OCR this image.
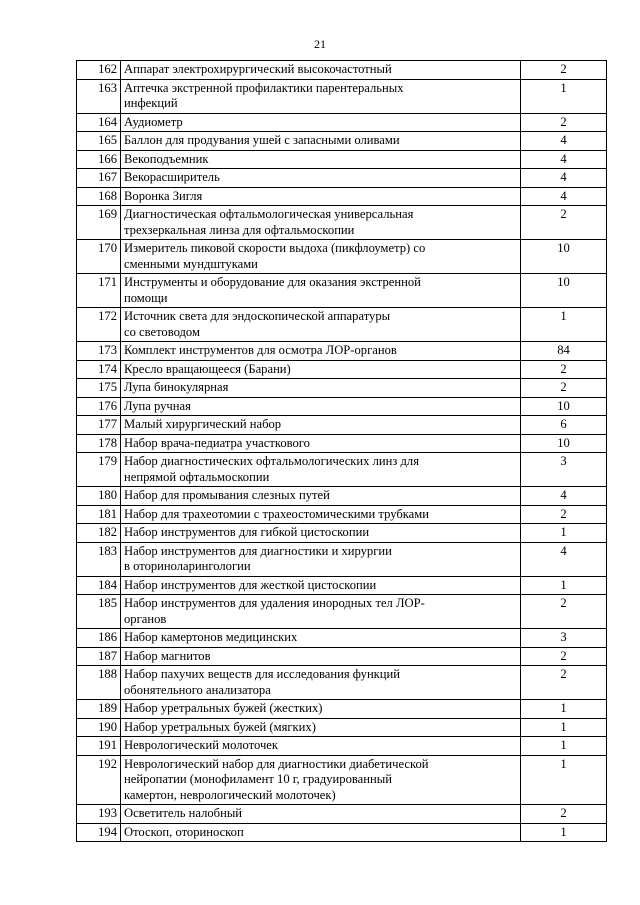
21
162	Аппарат электрохирургический высокочастотный	2
163	Аптечка экстренной профилактики парентеральных
инфекций	1
164	Аудиометр	2
165	Баллон для продувания ушей с запасными оливами	4
166	Векоподъемник	4
167	Векорасширитель	4
168	Воронка Зигля	4
169	Диагностическая офтальмологическая универсальная
трехзеркальная линза для офтальмоскопии	2
170	Измеритель пиковой скорости выдоха (пикфлоуметр) со
сменными мундштуками	10
171	Инструменты и оборудование для оказания экстренной
помощи	10
172	Источник света для эндоскопической аппаратуры
со световодом	1
173	Комплект инструментов для осмотра ЛОР-органов	84
174	Кресло вращающееся (Барани)	2
175	Лупа бинокулярная	2
176	Лупа ручная	10
177	Малый хирургический набор	6
178	Набор врача-педиатра участкового	10
179	Набор диагностических офтальмологических линз для
непрямой офтальмоскопии	3
180	Набор для промывания слезных путей	4
181	Набор для трахеотомии с трахеостомическими трубками	2
182	Набор инструментов для гибкой цистоскопии	1
183	Набор инструментов для диагностики и хирургии
в оториноларингологии	4
184	Набор инструментов для жесткой цистоскопии	1
185	Набор инструментов для удаления инородных тел ЛОР-
органов	2
186	Набор камертонов медицинских	3
187	Набор магнитов	2
188	Набор пахучих веществ для исследования функций
обонятельного анализатора	2
189	Набор уретральных бужей (жестких)	1
190	Набор уретральных бужей (мягких)	1
191	Неврологический молоточек	1
192	Неврологический набор для диагностики диабетической
нейропатии (монофиламент 10 г, градуированный
камертон, неврологический молоточек)	1
193	Осветитель налобный	2
194	Отоскоп, оториноскоп	1
